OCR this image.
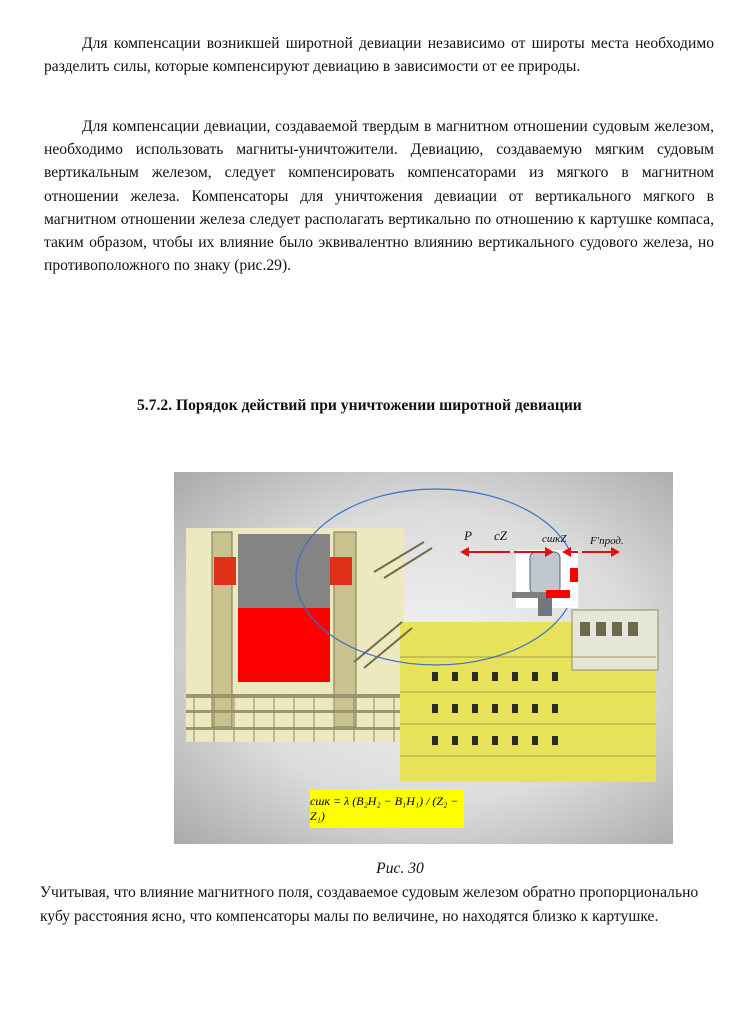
Для компенсации возникшей широтной девиации независимо от широты места необходимо разделить силы, которые компенсируют девиацию в зависимости от ее природы.

Для компенсации девиации, создаваемой твердым в магнитном отношении судовым железом, необходимо использовать магниты-уничтожители. Девиацию, создаваемую мягким судовым вертикальным железом, следует компенсировать компенсаторами из мягкого в магнитном отношении железа. Компенсаторы для уничтожения девиации от вертикального мягкого в магнитном отношении железа следует располагать вертикально по отношению к картушке компаса, таким образом, чтобы их влияние было эквивалентно влиянию вертикального судового железа, но противоположного по знаку (рис.29).

5.7.2. Порядок действий при уничтожении широтной девиации
P cZ	cшкZ F'прод.
cшк = λ (B₂H₂ − B₁H₁) / (Z₂ − Z₁)

Рис. 30

Учитывая, что влияние магнитного поля, создаваемое судовым железом обратно пропорционально кубу расстояния ясно, что компенсаторы малы по величине, но находятся близко к картушке.
